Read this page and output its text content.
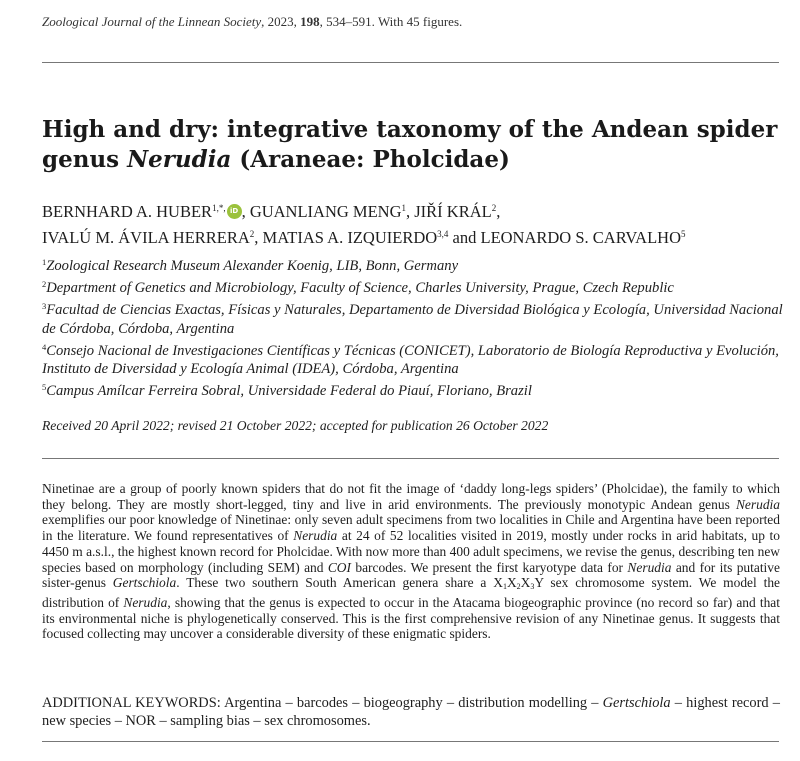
Zoological Journal of the Linnean Society, 2023, 198, 534–591. With 45 figures.
High and dry: integrative taxonomy of the Andean spider
genus Nerudia (Araneae: Pholcidae)
BERNHARD A. $HUBER^{1,*,}$ iD , GUANLIANG MENG$^1$, JIŘÍ KRÁL$^2$,
IVALÚ M. ÁVILA HERRERA$^2$, MATIAS A. IZQUIERDO$^{3,4}$ and LEONARDO S. CARVALHO$^5$

$^1$Zoological Research Museum Alexander Koenig, LIB, Bonn, Germany

$^2$Department of Genetics and Microbiology, Faculty of Science, Charles University, Prague, Czech Republic

$^3$Facultad de Ciencias Exactas, Físicas y Naturales, Departamento de Diversidad Biológica y Ecología, Universidad Nacional de Córdoba, Córdoba, Argentina

$^4$Consejo Nacional de Investigaciones Científicas y Técnicas (CONICET), Laboratorio de Biología Reproductiva y Evolución, Instituto de Diversidad y Ecología Animal (IDEA), Córdoba, Argentina

$^5$Campus Amílcar Ferreira Sobral, Universidade Federal do Piauí, Floriano, Brazil

Received 20 April 2022; revised 21 October 2022; accepted for publication 26 October 2022

Ninetinae are a group of poorly known spiders that do not fit the image of ‘daddy long-legs spiders’ (Pholcidae), the family to which they belong. They are mostly short-legged, tiny and live in arid environments. The previously monotypic Andean genus Nerudia exemplifies our poor knowledge of Ninetinae: only seven adult specimens from two localities in Chile and Argentina have been reported in the literature. We found representatives of Nerudia at 24 of 52 localities visited in 2019, mostly under rocks in arid habitats, up to 4450 m a.s.l., the highest known record for Pholcidae. With now more than 400 adult specimens, we revise the genus, describing ten new species based on morphology (including SEM) and COI barcodes. We present the first karyotype data for Nerudia and for its putative sister-genus Gertschiola. These two southern South American genera share a $X_1X_2X_3Y$ sex chromosome system. We model the distribution of Nerudia, showing that the genus is expected to occur in the Atacama biogeographic province (no record so far) and that its environmental niche is phylogenetically conserved. This is the first comprehensive revision of any Ninetinae genus. It suggests that focused collecting may uncover a considerable diversity of these enigmatic spiders.

ADDITIONAL KEYWORDS: Argentina – barcodes – biogeography – distribution modelling – Gertschiola – highest record – new species – NOR – sampling bias – sex chromosomes.
